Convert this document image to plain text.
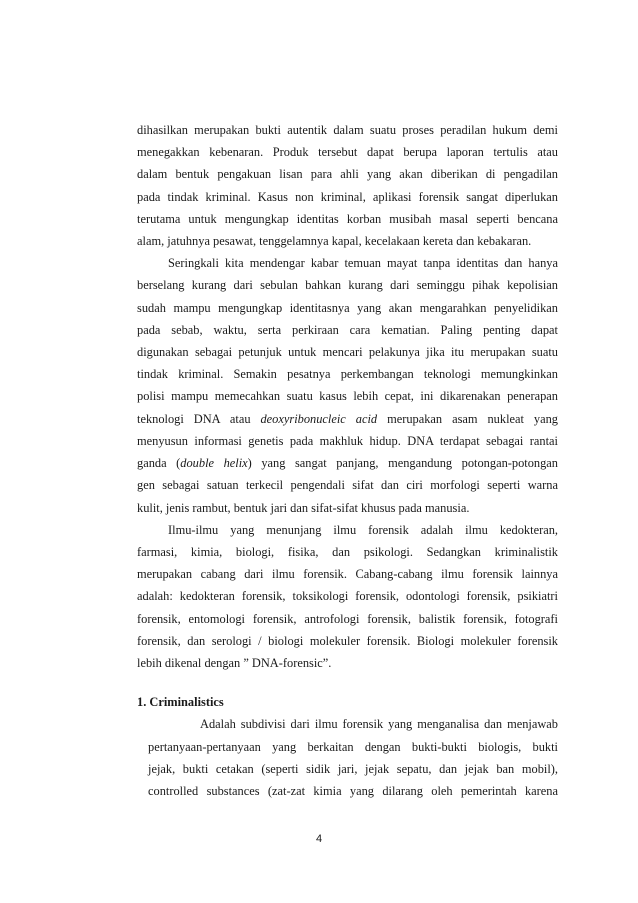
dihasilkan merupakan bukti autentik dalam suatu proses peradilan hukum demi
menegakkan kebenaran. Produk tersebut dapat berupa laporan tertulis atau
dalam bentuk pengakuan lisan para ahli yang akan diberikan di pengadilan
pada tindak kriminal. Kasus non kriminal, aplikasi forensik sangat diperlukan
terutama untuk mengungkap identitas korban musibah masal seperti bencana
alam, jatuhnya pesawat, tenggelamnya kapal, kecelakaan kereta dan kebakaran.
Seringkali kita mendengar kabar temuan mayat tanpa identitas dan hanya
berselang kurang dari sebulan bahkan kurang dari seminggu pihak kepolisian
sudah mampu mengungkap identitasnya yang akan mengarahkan penyelidikan
pada sebab, waktu, serta perkiraan cara kematian. Paling penting dapat
digunakan sebagai petunjuk untuk mencari pelakunya jika itu merupakan suatu
tindak kriminal. Semakin pesatnya perkembangan teknologi memungkinkan
polisi mampu memecahkan suatu kasus lebih cepat, ini dikarenakan penerapan
teknologi DNA atau deoxyribonucleic acid merupakan asam nukleat yang
menyusun informasi genetis pada makhluk hidup. DNA terdapat sebagai rantai
ganda (double helix) yang sangat panjang, mengandung potongan-potongan
gen sebagai satuan terkecil pengendali sifat dan ciri morfologi seperti warna
kulit, jenis rambut, bentuk jari dan sifat-sifat khusus pada manusia.
Ilmu-ilmu yang menunjang ilmu forensik adalah ilmu kedokteran,
farmasi, kimia, biologi, fisika, dan psikologi. Sedangkan kriminalistik
merupakan cabang dari ilmu forensik. Cabang-cabang ilmu forensik lainnya
adalah: kedokteran forensik, toksikologi forensik, odontologi forensik, psikiatri
forensik, entomologi forensik, antrofologi forensik, balistik forensik, fotografi
forensik, dan serologi / biologi molekuler forensik. Biologi molekuler forensik
lebih dikenal dengan ” DNA-forensic”.
1. Criminalistics
Adalah subdivisi dari ilmu forensik yang menganalisa dan menjawab
pertanyaan-pertanyaan yang berkaitan dengan bukti-bukti biologis, bukti
jejak, bukti cetakan (seperti sidik jari, jejak sepatu, dan jejak ban mobil),
controlled substances (zat-zat kimia yang dilarang oleh pemerintah karena
4
